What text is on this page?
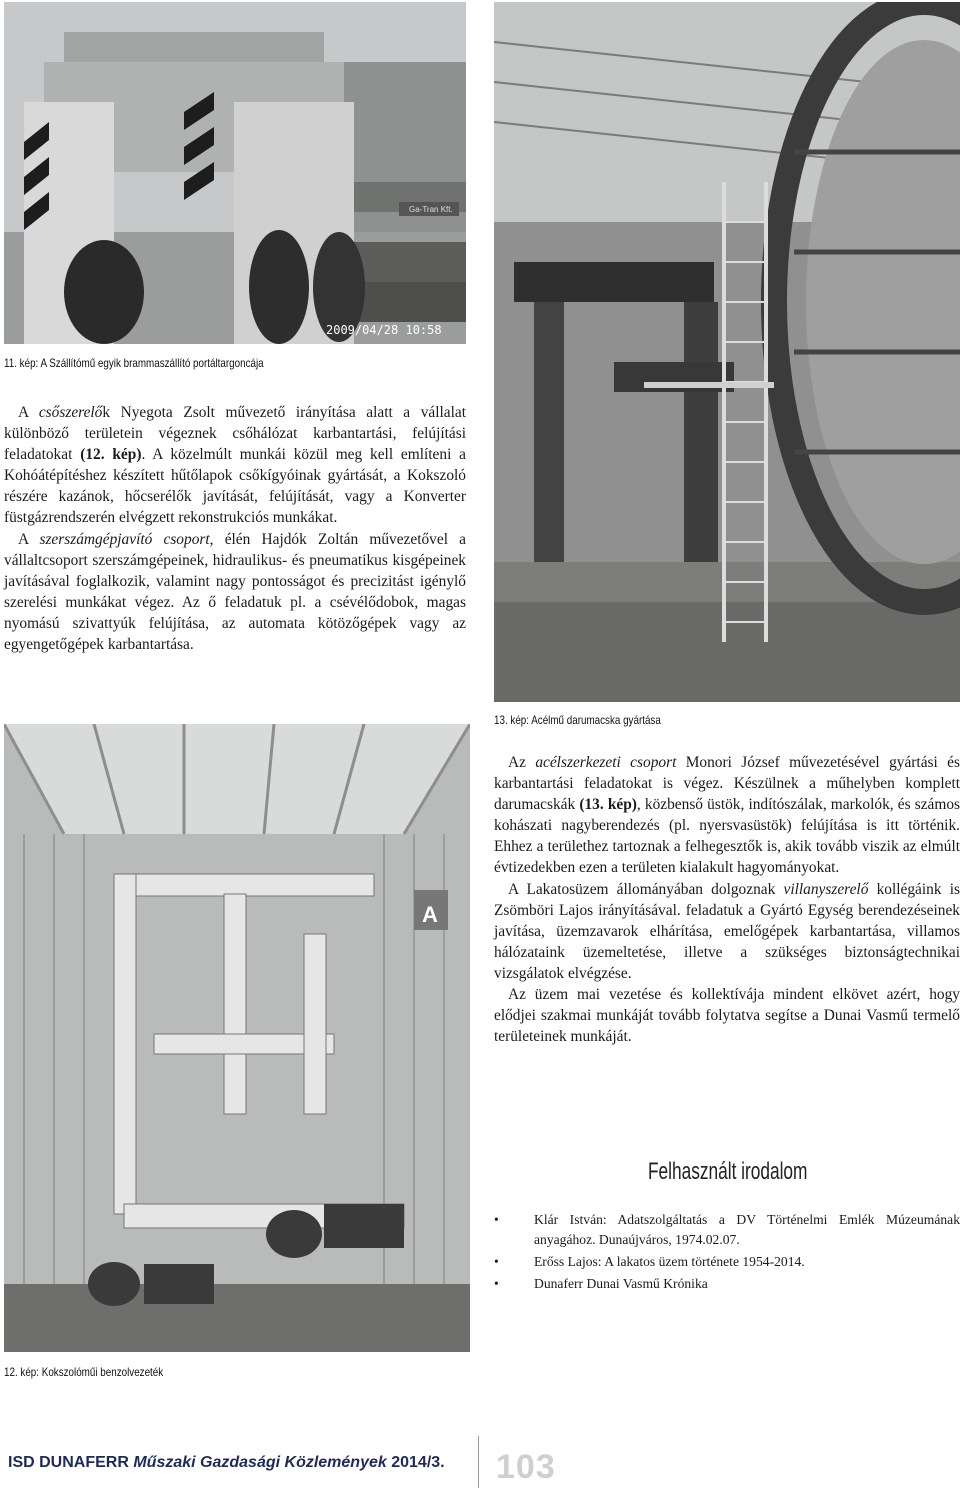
Ga-Tran Kft.
2009/04/28 10:58

11. kép: A Szállítómű egyik brammaszállító portáltargoncája

13. kép: Acélmű darumacska gyártása

A csőszerelők Nyegota Zsolt művezető irányítása alatt a vállalat különböző területein végeznek csőhálózat karbantartási, felújítási feladatokat (12. kép). A közelmúlt munkái közül meg kell említeni a Kohóátépítéshez készített hűtőlapok csőkígyóinak gyártását, a Kokszoló részére kazánok, hőcserélők javítását, felújítását, vagy a Konverter füstgázrendszerén elvégzett rekonstrukciós munkákat.

A szerszámgépjavító csoport, élén Hajdók Zoltán művezetővel a vállaltcsoport szerszámgépeinek, hidraulikus- és pneumatikus kisgépeinek javításával foglalkozik, valamint nagy pontosságot és precizitást igénylő szerelési munkákat végez. Az ő feladatuk pl. a csévélődobok, magas nyomású szivattyúk felújítása, az automata kötözőgépek vagy az egyengetőgépek karbantartása.

A

12. kép: Kokszolóműi benzolvezeték

Az acélszerkezeti csoport Monori József művezetésével gyártási és karbantartási feladatokat is végez. Készülnek a műhelyben komplett darumacskák (13. kép), közbenső üstök, indítószálak, markolók, és számos kohászati nagyberendezés (pl. nyersvasüstök) felújítása is itt történik. Ehhez a területhez tartoznak a felhegesztők is, akik tovább viszik az elmúlt évtizedekben ezen a területen kialakult hagyományokat.

A Lakatosüzem állományában dolgoznak villanyszerelő kollégáink is Zsömböri Lajos irányításával. feladatuk a Gyártó Egység berendezéseinek javítása, üzemzavarok elhárítása, emelőgépek karbantartása, villamos hálózataink üzemeltetése, illetve a szükséges biztonságtechnikai vizsgálatok elvégzése.

Az üzem mai vezetése és kollektívája mindent elkövet azért, hogy elődjei szakmai munkáját tovább folytatva segítse a Dunai Vasmű termelő területeinek munkáját.

Felhasznált irodalom
•	Klár István: Adatszolgáltatás a DV Történelmi Emlék Múzeumának anyagához. Dunaújváros, 1974.02.07.
•	Erőss Lajos: A lakatos üzem története 1954-2014.
•	Dunaferr Dunai Vasmű Krónika

ISD DUNAFERR Műszaki Gazdasági Közlemények 2014/3. 103
